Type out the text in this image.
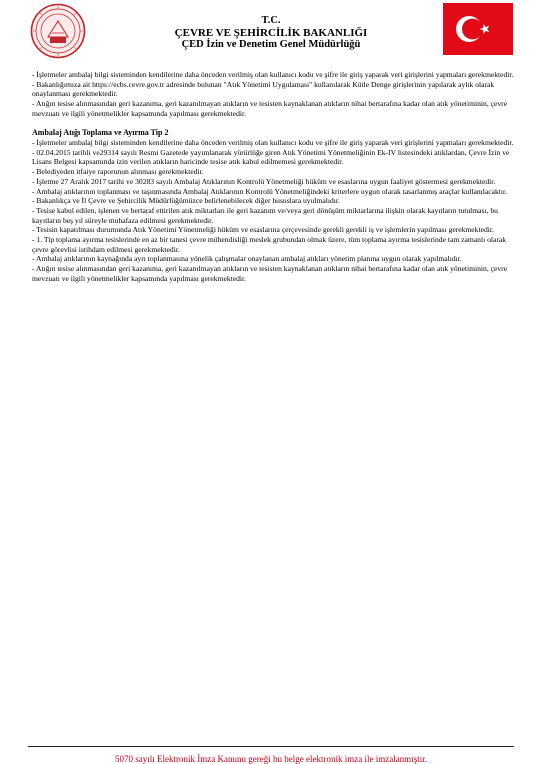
T.C.
ÇEVRE VE ŞEHİRCİLİK BAKANLIĞI
ÇED İzin ve Denetim Genel Müdürlüğü

- İşletmeler ambalaj bilgi sisteminden kendilerine daha önceden verilmiş olan kullanıcı kodu ve şifre ile giriş yaparak veri girişlerini yapmaları gerekmektedir.

- Bakanlığımıza ait https://ecbs.cevre.gov.tr adresinde bulunan "Atık Yönetimi Uygulaması" kullanılarak Kütle Denge girişlerinin yapılarak aylık olarak onaylanması gerekmektedir.

- Atığın tesise alınmasından geri kazanıma, geri kazanılmayan atıkların ve tesisten kaynaklanan atıkların nihai bertarafına kadar olan atık yönetiminin, çevre mevzuatı ve ilgili yönetmelikler kapsamında yapılması gerekmektedir.

Ambalaj Atığı Toplama ve Ayırma Tip 2

- İşletmeler ambalaj bilgi sisteminden kendilerine daha önceden verilmiş olan kullanıcı kodu ve şifre ile giriş yaparak veri girişlerini yapmaları gerekmektedir.

- 02.04.2015 tarihli ve29314 sayılı Resmi Gazetede yayımlanarak yürürlüğe giren Atık Yönetimi Yönetmeliğinin Ek-IV listesindeki atıklardan, Çevre İzin ve Lisans Belgesi kapsamında izin verilen atıkların haricinde tesise atık kabul edilmemesi gerekmektedir.

- Belediyeden itfaiye raporunun alınması gerekmektedir.

- İşletme 27 Aralık 2017 tarihi ve 30283 sayılı Ambalaj Atıklarının Kontrolü Yönetmeliği hüküm ve esaslarına uygun faaliyet göstermesi gerekmektedir.

- Ambalaj atıklarının toplanması ve taşınmasında Ambalaj Atıklarının Kontrolü Yönetmeliğindeki kriterlere uygun olarak tasarlanmış araçlar kullanılacaktır.

- Bakanlıkça ve İl Çevre ve Şehircilik Müdürlüğümüzce belirlenebilecek diğer hususlara uyulmalıdır.

- Tesise kabul edilen, işlenen ve bertaraf ettirilen atık miktarları ile geri kazanım ve/veya geri dönüşüm miktarlarına ilişkin olarak kayıtların tutulması, bu kayıtların beş yıl süreyle muhafaza edilmesi gerekmektedir.

- Tesisin kapatılması durumunda Atık Yönetimi Yönetmeliği hüküm ve esaslarına çerçevesinde gerekli gerekli iş ve işlemlerin yapılması gerekmektedir.

- 1. Tip toplama ayırma tesislerinde en az bir tanesi çevre mühendisliği meslek grubundan olmak üzere, tüm toplama ayırma tesislerinde tam zamanlı olarak çevre görevlisi istihdam edilmesi gerekmektedir.

- Ambalaj atıklarının kaynağında ayrı toplanmasına yönelik çalışmalar onaylanan ambalaj atıkları yönetim planına uygun olarak yapılmalıdır.

- Atığın tesise alınmasından geri kazanıma, geri kazanılmayan atıkların ve tesisten kaynaklanan atıkların nihai bertarafına kadar olan atık yönetiminin, çevre mevzuatı ve ilgili yönetmelikler kapsamında yapılması gerekmektedir.

5070 sayılı Elektronik İmza Kanunu gereği bu belge elektronik imza ile imzalanmıştır.
